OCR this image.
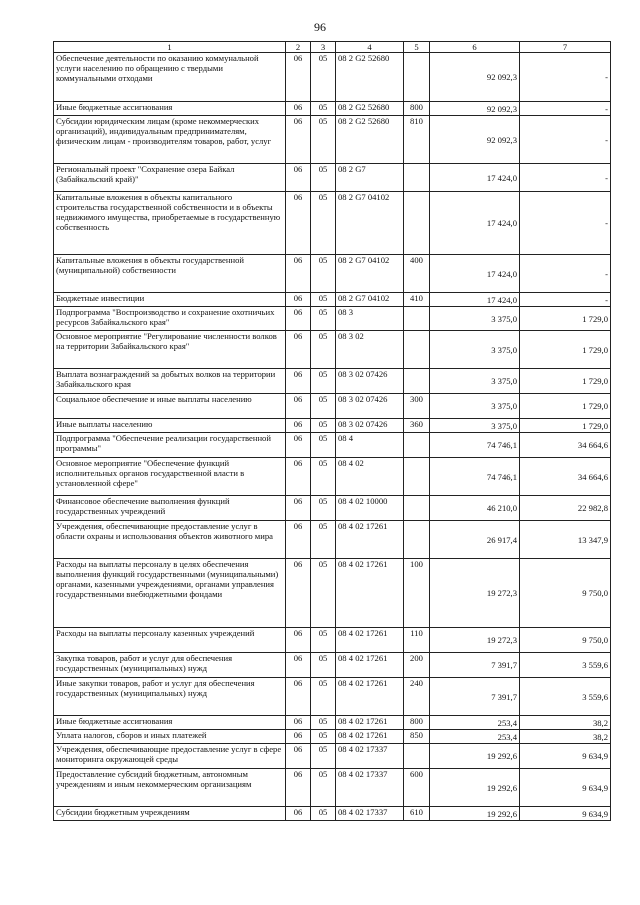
96
1	2	3	4	5	6	7
Обеспечение деятельности по оказанию коммунальной услуги населению по обращению с твердыми коммунальными отходами	06	05	08 2 G2 52680		92 092,3	-
Иные бюджетные ассигнования	06	05	08 2 G2 52680	800	92 092,3	-
Субсидии юридическим лицам (кроме некоммерческих организаций), индивидуальным предпринимателям, физическим лицам - производителям товаров, работ, услуг	06	05	08 2 G2 52680	810	92 092,3	-
Региональный проект "Сохранение озера Байкал (Забайкальский край)"	06	05	08 2 G7		17 424,0	-
Капитальные вложения в объекты капитального строительства государственной собственности и в объекты недвижимого имущества, приобретаемые в государственную собственность	06	05	08 2 G7 04102		17 424,0	-
Капитальные вложения в объекты государственной (муниципальной) собственности	06	05	08 2 G7 04102	400	17 424,0	-
Бюджетные инвестиции	06	05	08 2 G7 04102	410	17 424,0	-
Подпрограмма "Воспроизводство и сохранение охотничьих ресурсов Забайкальского края"	06	05	08 3		3 375,0	1 729,0
Основное мероприятие "Регулирование численности волков на территории Забайкальского края"	06	05	08 3 02		3 375,0	1 729,0
Выплата вознаграждений за добытых волков на территории Забайкальского края	06	05	08 3 02 07426		3 375,0	1 729,0
Социальное обеспечение и иные выплаты населению	06	05	08 3 02 07426	300	3 375,0	1 729,0
Иные выплаты населению	06	05	08 3 02 07426	360	3 375,0	1 729,0
Подпрограмма "Обеспечение реализации государственной программы"	06	05	08 4		74 746,1	34 664,6
Основное мероприятие "Обеспечение функций исполнительных органов государственной власти в установленной сфере"	06	05	08 4 02		74 746,1	34 664,6
Финансовое обеспечение выполнения функций государственных учреждений	06	05	08 4 02 10000		46 210,0	22 982,8
Учреждения, обеспечивающие предоставление услуг в области охраны и использования объектов животного мира	06	05	08 4 02 17261		26 917,4	13 347,9
Расходы на выплаты персоналу в целях обеспечения выполнения функций государственными (муниципальными) органами, казенными учреждениями, органами управления государственными внебюджетными фондами	06	05	08 4 02 17261	100	19 272,3	9 750,0
Расходы на выплаты персоналу казенных учреждений	06	05	08 4 02 17261	110	19 272,3	9 750,0
Закупка товаров, работ и услуг для обеспечения государственных (муниципальных) нужд	06	05	08 4 02 17261	200	7 391,7	3 559,6
Иные закупки товаров, работ и услуг для обеспечения государственных (муниципальных) нужд	06	05	08 4 02 17261	240	7 391,7	3 559,6
Иные бюджетные ассигнования	06	05	08 4 02 17261	800	253,4	38,2
Уплата налогов, сборов и иных платежей	06	05	08 4 02 17261	850	253,4	38,2
Учреждения, обеспечивающие предоставление услуг в сфере мониторинга окружающей среды	06	05	08 4 02 17337		19 292,6	9 634,9
Предоставление субсидий бюджетным, автономным учреждениям и иным некоммерческим организациям	06	05	08 4 02 17337	600	19 292,6	9 634,9
Субсидии бюджетным учреждениям	06	05	08 4 02 17337	610	19 292,6	9 634,9
